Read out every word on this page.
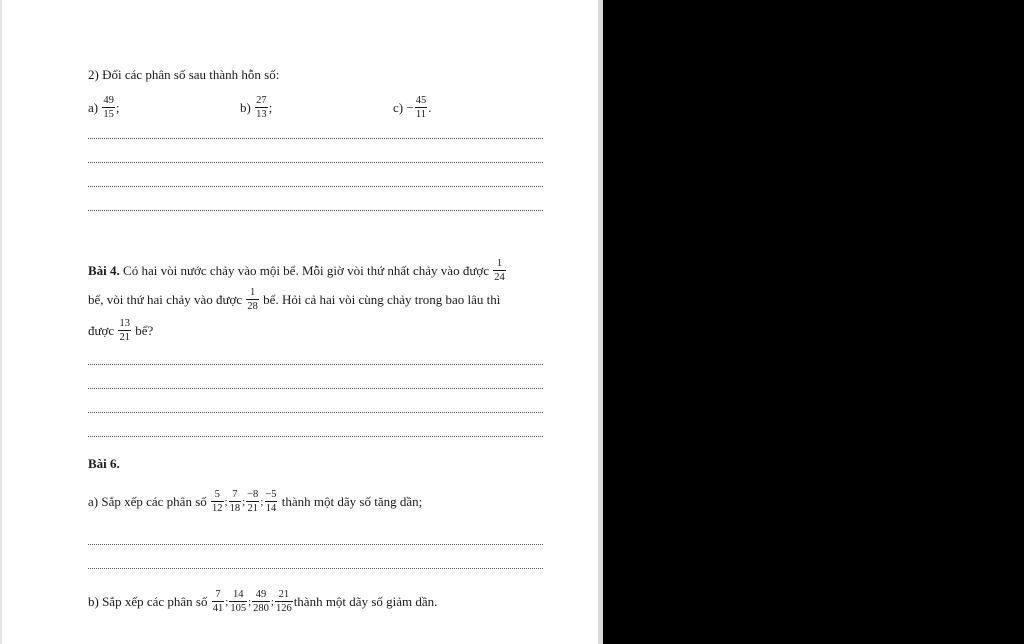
2) Đổi các phân số sau thành hỗn số:
a)
$\frac{49}{15}$ ;	b)
$\frac{27}{13}$ ;	c)
− $\frac{45}{11}$ .
Bài 4.
Có hai vòi nước chảy vào mội bể. Mỗi giờ vòi thứ nhất chảy vào được
$\frac{1}{24}$
bể, vòi thứ hai chảy vào được
$\frac{1}{28}$
bể. Hỏi cả hai vòi cùng chảy trong bao lâu thì
được
$\frac{13}{21}$
bể?
Bài 6.
a) Sắp xếp các phân số
$\frac{5}{12}$ ; $\frac{7}{18}$ ; $\frac{-8}{21}$ ; $\frac{-5}{14}$
thành một dãy số tăng dần;
b) Sắp xếp các phân số
$\frac{7}{41}$ ; $\frac{14}{105}$ ; $\frac{49}{280}$ ; $\frac{21}{126}$ thành một dãy số giảm dần.
